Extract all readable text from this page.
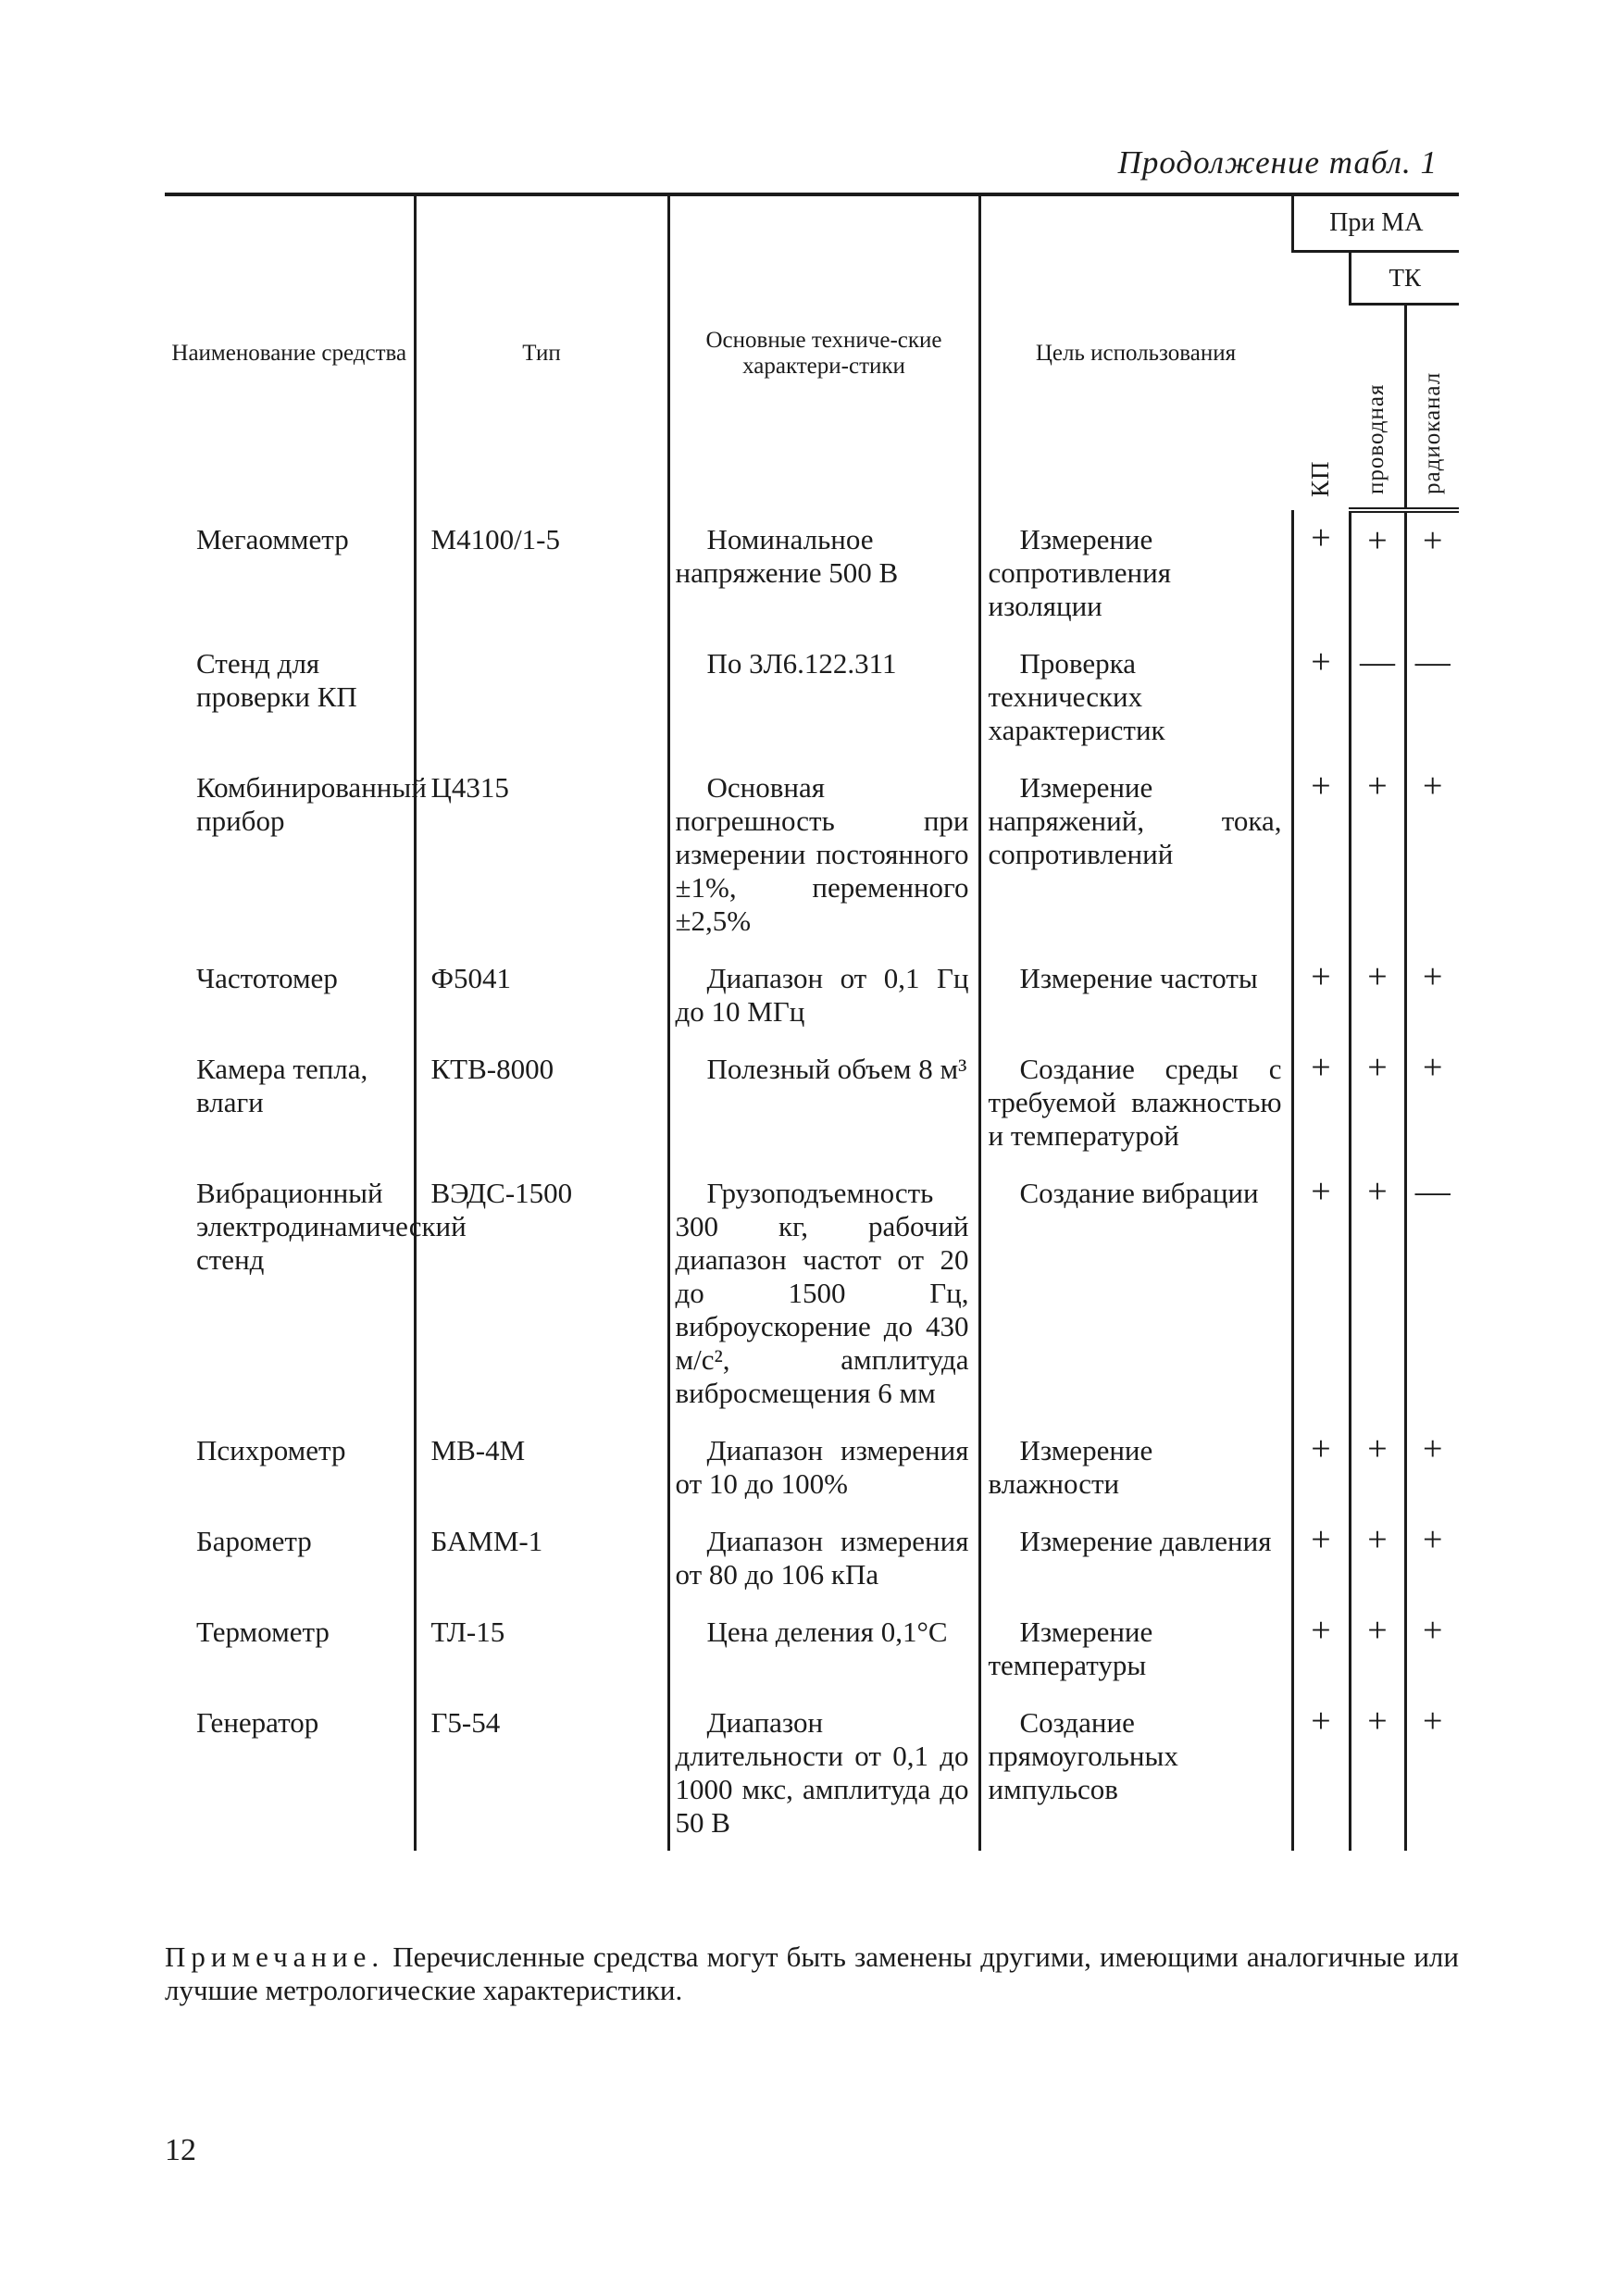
Продолжение табл. 1
Наименование средства	Тип	Основные техниче-ские характери-стики	Цель использования	При МА		

				КП	ТК	

					проводная	радиоканал

Мегаомметр	М4100/1-5	Номинальное напряжение 500 В	Измерение сопротивления изоляции	+	+	+
Стенд для проверки КП		По 3Л6.122.311	Проверка технических характеристик	+	—	—
Комбинированный прибор	Ц4315	Основная погрешность при измерении постоянного ±1%, переменного ±2,5%	Измерение напряжений, тока, сопротивлений	+	+	+
Частотомер	Ф5041	Диапазон от 0,1 Гц до 10 МГц	Измерение частоты	+	+	+
Камера тепла, влаги	КТВ-8000	Полезный объем 8 м³	Создание среды с требуемой влажностью и температурой	+	+	+
Вибрационный электродинамический стенд	ВЭДС-1500	Грузоподъемность 300 кг, рабочий диапазон частот от 20 до 1500 Гц, виброускорение до 430 м/с², амплитуда вибросмещения 6 мм	Создание вибрации	+	+	—
Психрометр	МВ-4М	Диапазон измерения от 10 до 100%	Измерение влажности	+	+	+
Барометр	БАММ-1	Диапазон измерения от 80 до 106 кПа	Измерение давления	+	+	+
Термометр	ТЛ-15	Цена деления 0,1°С	Измерение температуры	+	+	+
Генератор	Г5-54	Диапазон длительности от 0,1 до 1000 мкс, амплитуда до 50 В	Создание прямоугольных импульсов	+	+	+
Примечание. Перечисленные средства могут быть заменены другими, имеющими аналогичные или лучшие метрологические характеристики.
12
